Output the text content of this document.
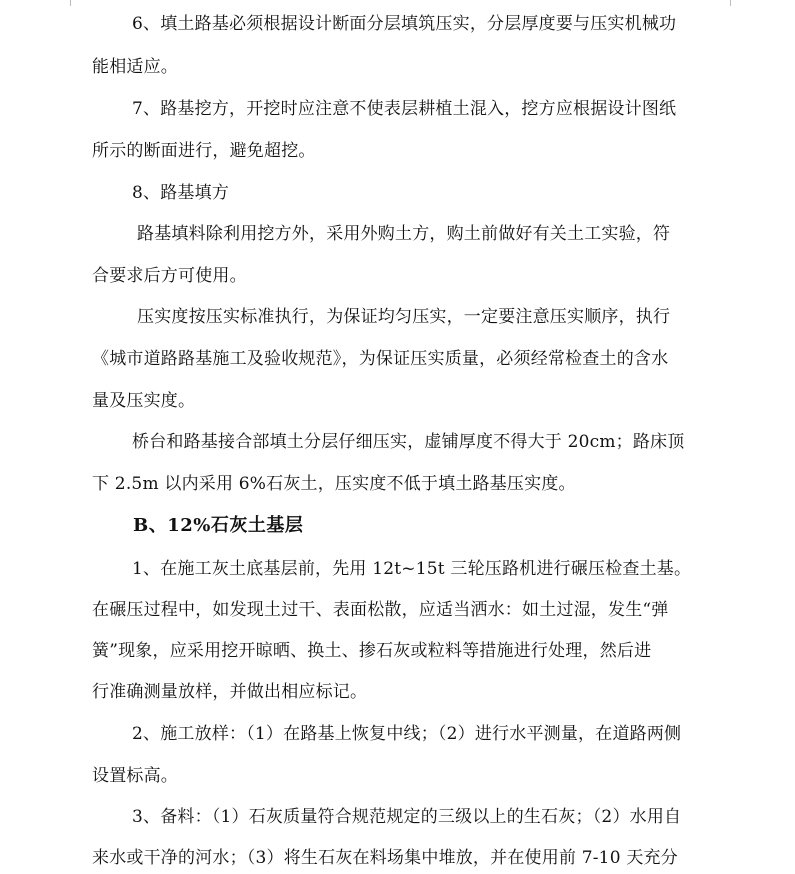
6、填土路基必须根据设计断面分层填筑压实，分层厚度要与压实机械功
能相适应。
7、路基挖方，开挖时应注意不使表层耕植土混入，挖方应根据设计图纸
所示的断面进行，避免超挖。
8、路基填方
路基填料除利用挖方外，采用外购土方，购土前做好有关土工实验，符
合要求后方可使用。
压实度按压实标准执行，为保证均匀压实，一定要注意压实顺序，执行
《城市道路路基施工及验收规范》，为保证压实质量，必须经常检查土的含水
量及压实度。
桥台和路基接合部填土分层仔细压实，虚铺厚度不得大于 20cm；路床顶
下 2.5m 以内采用 6%石灰土，压实度不低于填土路基压实度。
B、12%石灰土基层
1、在施工灰土底基层前，先用 12t~15t 三轮压路机进行碾压检查土基。
在碾压过程中，如发现土过干、表面松散，应适当洒水：如土过湿，发生“弹
簧”现象，应采用挖开晾晒、换土、掺石灰或粒料等措施进行处理，然后进
行准确测量放样，并做出相应标记。
2、施工放样：（1）在路基上恢复中线；（2）进行水平测量，在道路两侧
设置标高。
3、备料：（1）石灰质量符合规范规定的三级以上的生石灰；（2）水用自
来水或干净的河水；（3）将生石灰在料场集中堆放，并在使用前 7-10 天充分
